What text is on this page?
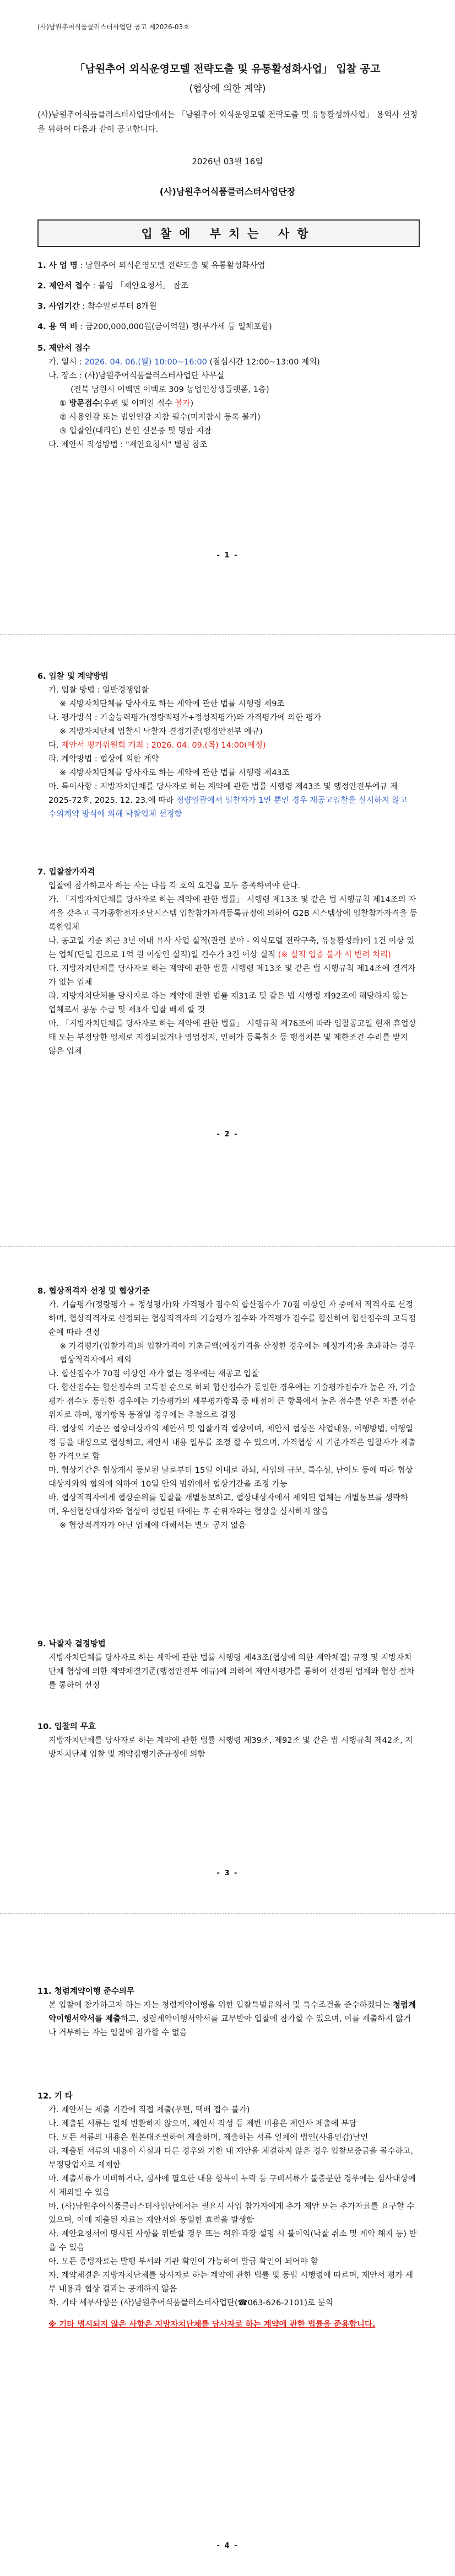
(사)남원추어식품클러스터사업단 공고 제2026-03호
「남원추어 외식운영모델 전략도출 및 유통활성화사업」 입찰 공고
(협상에 의한 계약)
(사)남원추어식품클러스터사업단에서는 「남원추어 외식운영모델 전략도출 및 유통활성화사업」 용역사 선정을 위하여 다음과 같이 공고합니다.
2026년 03월 16일
(사)남원추어식품클러스터사업단장
입찰에 부치는 사항
1. 사 업 명 : 남원추어 외식운영모델 전략도출 및 유통활성화사업
2. 제안서 접수 : 붙임 「제안요청서」 참조
3. 사업기간 : 착수일로부터 8개월
4. 용 역 비 : 금200,000,000원(금이억원) 정(부가세 등 일체포함)
5. 제안서 접수
가. 일시 : 2026. 04. 06.(월) 10:00~16:00 (점심시간 12:00~13:00 제외)
나. 장소 : (사)남원추어식품클러스터사업단 사무실
(전북 남원시 이백면 이백로 309 농업인상생플랫폼, 1층)
① 방문접수(우편 및 이메일 접수 불가)
② 사용인감 또는 법인인감 지참 필수(미지참시 등록 불가)
③ 입찰인(대리인) 본인 신분증 및 명함 지참
다. 제안서 작성방법 : "제안요청서" 별첨 참조
- 1 -
6. 입찰 및 계약방법
가. 입찰 방법 : 일반경쟁입찰
※ 지방자치단체를 당사자로 하는 계약에 관한 법률 시행령 제9조
나. 평가방식 : 기술능력평가(정량적평가+정성적평가)와 가격평가에 의한 평가
※ 지방자치단체 입찰시 낙찰자 결정기준(행정안전부 예규)
다. 제안서 평가위원회 개최 : 2026. 04. 09.(목) 14:00(예정)
라. 계약방법 : 협상에 의한 계약
※ 지방자치단체를 당사자로 하는 계약에 관한 법률 시행령 제43조
마. 특이사항 : 지방자치단체를 당사자로 하는 계약에 관한 법률 시행령 제43조 및 행정안전부예규 제2025-72호, 2025. 12. 23.에 따라 정량일괄에서 입찰자가 1인 뿐인 경우 재공고입찰을 실시하지 않고 수의계약 방식에 의해 낙찰업체 선정함
7. 입찰참가자격
입찰에 참가하고자 하는 자는 다음 각 호의 요건을 모두 충족하여야 한다.
가. 「지방자치단체를 당사자로 하는 계약에 관한 법률」 시행령 제13조 및 같은 법 시행규칙 제14조의 자격을 갖추고 국가종합전자조달시스템 입찰참가자격등록규정에 의하여 G2B 시스템상에 입찰참가자격을 등록한업체
나. 공고일 기준 최근 3년 이내 유사 사업 실적(관련 분야 - 외식모델 전략구축, 유통활성화)이 1건 이상 있는 업체(단일 건으로 1억 원 이상인 실적)일 건수가 3건 이상 실적 (※ 실적 입증 불가 시 반려 처리)
다. 지방자치단체를 당사자로 하는 계약에 관한 법률 시행령 제13조 및 같은 법 시행규칙 제14조에 결격자가 없는 업체
라. 지방자치단체를 당사자로 하는 계약에 관한 법률 제31조 및 같은 법 시행령 제92조에 해당하지 않는 업체로서 공동 수급 및 제3자 입찰 배제 할 것
마. 「지방자치단체를 당사자로 하는 계약에 관한 법률」 시행규칙 제76조에 따라 입찰공고일 현재 휴업상태 또는 부정당한 업체로 지정되었거나 영업정지, 인허가 등록취소 등 행정처분 및 제한조건 수리를 받지 않은 업체
- 2 -
8. 협상적격자 선정 및 협상기준
가. 기술평가(정량평가 + 정성평가)와 가격평가 점수의 합산점수가 70점 이상인 자 중에서 적격자로 선정하며, 협상적격자로 선정되는 협상적격자의 기술평가 점수와 가격평가 점수를 합산하여 합산점수의 고득점 순에 따라 결정
※ 가격평가(입찰가격)의 입찰가격이 기초금액(예정가격을 산정한 경우에는 예정가격)을 초과하는 경우 협상적격자에서 제외
나. 합산점수가 70점 이상인 자가 없는 경우에는 재공고 입찰
다. 합산점수는 합산점수의 고득점 순으로 하되 합산점수가 동일한 경우에는 기술평가점수가 높은 자, 기술평가 점수도 동일한 경우에는 기술평가의 세부평가항목 중 배점이 큰 항목에서 높은 점수를 얻은 자를 선순위자로 하며, 평가항목 동점일 경우에는 추첨으로 결정
라. 협상의 기준은 협상대상자의 제안서 및 입찰가격 협상이며, 제안서 협상은 사업내용, 이행방법, 이행일정 등을 대상으로 협상하고, 제안서 내용 일부를 조정 할 수 있으며, 가격협상 시 기준가격은 입찰자가 제출한 가격으로 함
마. 협상기간은 협상개시 등보된 날로부터 15일 이내로 하되, 사업의 규모, 특수성, 난이도 등에 따라 협상대상자와의 협의에 의하여 10일 안의 범위에서 협상기간을 조정 가능
바. 협상적격자에게 협상순위를 입찰을 개별통보하고, 협상대상자에서 제외된 업체는 개별통보를 생략하며, 우선협상대상자와 협상이 성립된 때에는 후 순위자와는 협상을 실시하지 않음
※ 협상적격자가 아닌 업체에 대해서는 별도 공지 없음
9. 낙찰자 결정방법
지방자치단체를 당사자로 하는 계약에 관한 법률 시행령 제43조(협상에 의한 계약체결) 규정 및 지방자치단체 협상에 의한 계약체결기준(행정안전부 예규)에 의하여 제안서평가를 통하여 선정된 업체와 협상 절차를 통하여 선정
10. 입찰의 무효
지방자치단체를 당사자로 하는 계약에 관한 법률 시행령 제39조, 제92조 및 같은 법 시행규칙 제42조, 지방자치단체 입찰 및 계약집행기준규정에 의함
- 3 -
11. 청렴계약이행 준수의무
본 입찰에 참가하고자 하는 자는 청렴계약이행을 위한 입찰특별유의서 및 특수조건을 준수하겠다는 청렴계약이행서약서를 제출하고, 청렴계약이행서약서를 교부받아 입찰에 참가할 수 있으며, 이를 제출하지 않거나 거부하는 자는 입찰에 참가할 수 없음
12. 기 타
가. 제안서는 제출 기간에 직접 제출(우편, 택배 접수 불가)
나. 제출된 서류는 일체 반환하지 않으며, 제안서 작성 등 제반 비용은 제안사 제출에 부담
다. 모든 서류의 내용은 원본대조필하여 제출하며, 제출하는 서류 일체에 법인(사용인감)날인
라. 제출된 서류의 내용이 사실과 다른 경우와 기한 내 제안을 체결하지 않은 경우 입찰보증금을 몰수하고, 부정당업자로 제재함
마. 제출서류가 미비하거나, 심사에 필요한 내용 항목이 누락 등 구비서류가 불충분한 경우에는 심사대상에서 제외될 수 있음
바. (사)남원추어식품클러스터사업단에서는 필요시 사업 참가자에게 추가 제안 또는 추가자료를 요구할 수 있으며, 이에 제출된 자료는 제안서와 동일한 효력을 발생함
사. 제안요청서에 명시된 사항을 위반할 경우 또는 허위·과장 설명 시 불이익(낙찰 취소 및 계약 해지 등) 받을 수 있음
아. 모든 증빙자료는 발행 부서와 기관 확인이 가능하여 발급 확인이 되어야 함
자. 계약체결은 지방자치단체를 당사자로 하는 계약에 관한 법률 및 동법 시행령에 따르며, 제안서 평가 세부 내용과 협상 결과는 공개하지 않음
차. 기타 세부사항은 (사)남원추어식품클러스터사업단(☎063-626-2101)로 문의
※ 기타 명시되지 않은 사항은 지방자치단체를 당사자로 하는 계약에 관한 법률을 준용합니다.
- 4 -
